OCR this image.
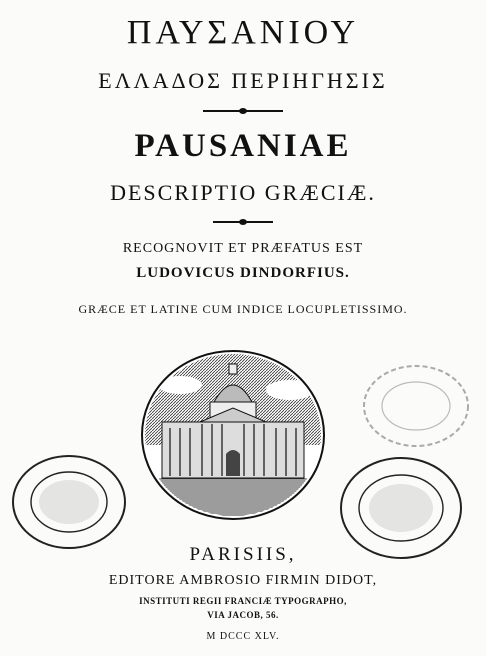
ΠΑΥΣΑΝΙΟΥ
ΕΛΛΑΔΟΣ ΠΕΡΙΗΓΗΣΙΣ
PAUSANIAE
DESCRIPTIO GRÆCIÆ.
RECOGNOVIT ET PRÆFATUS EST
LUDOVICUS DINDORFIUS.
GRÆCE ET LATINE CUM INDICE LOCUPLETISSIMO.
PARISIIS,
EDITORE AMBROSIO FIRMIN DIDOT,
INSTITUTI REGII FRANCIÆ TYPOGRAPHO,
VIA JACOB, 56.
M DCCC XLV.
